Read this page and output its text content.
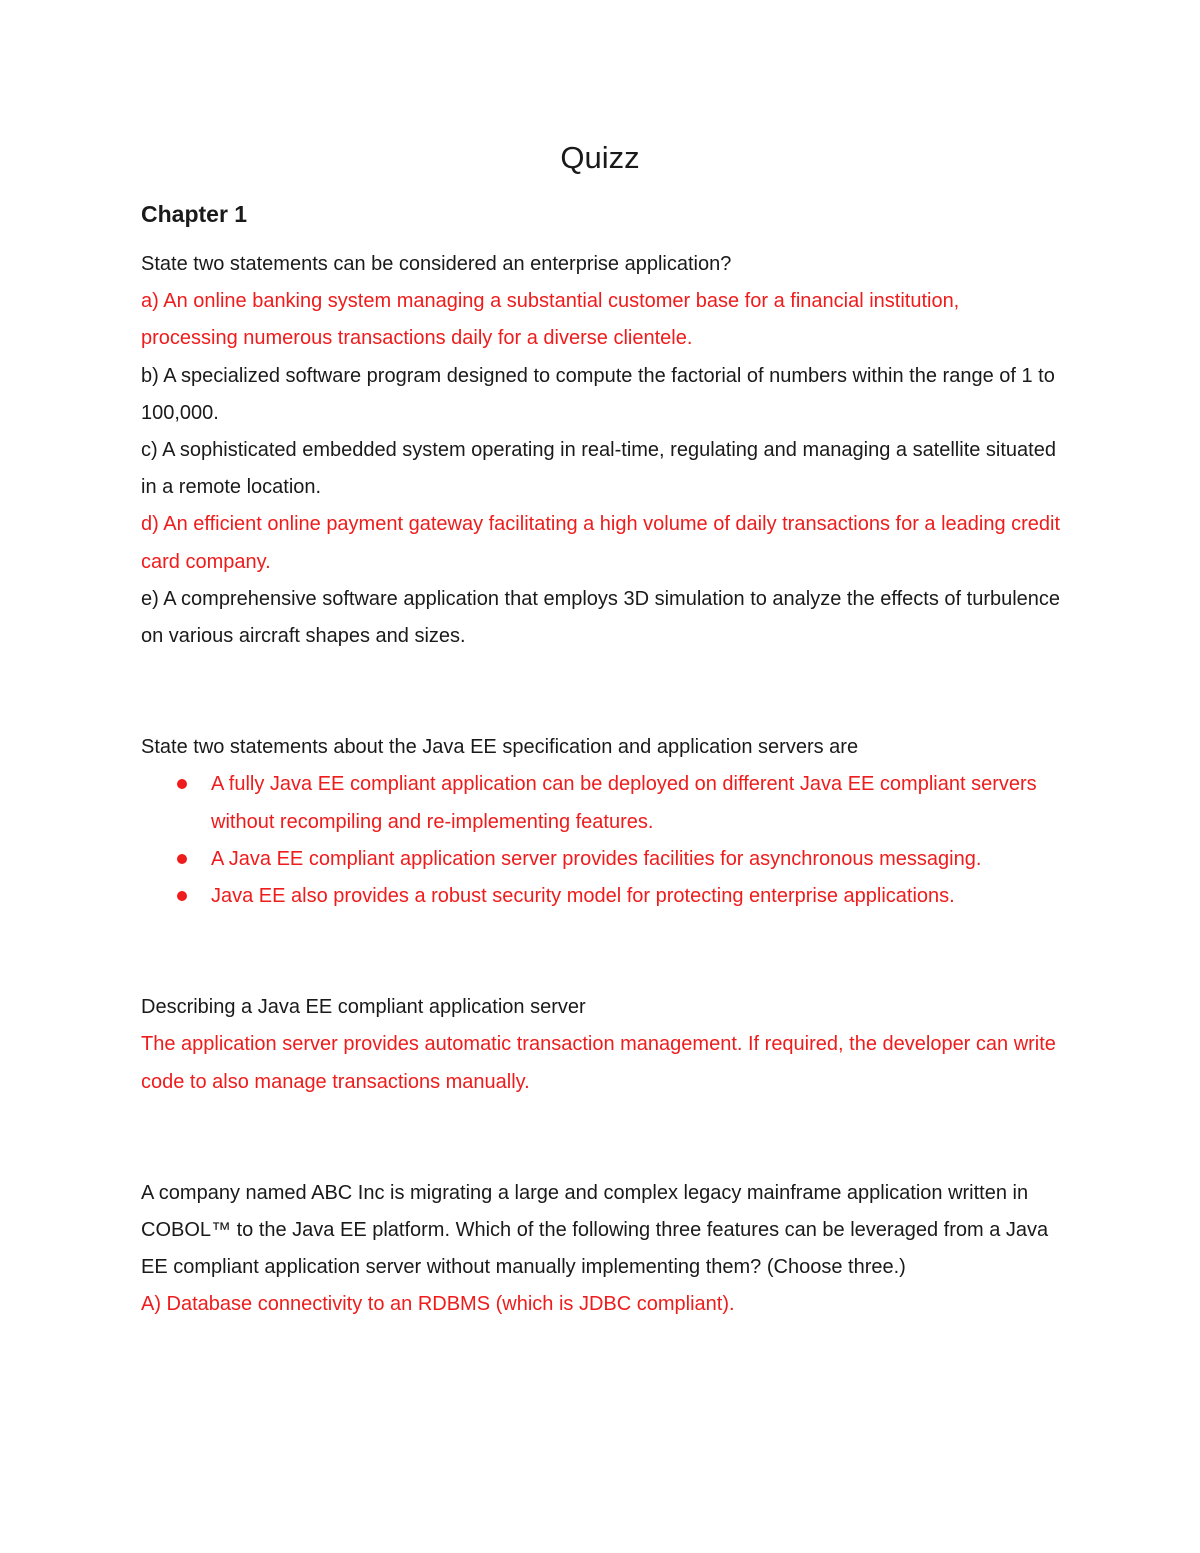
Quizz
Chapter 1

State two statements can be considered an enterprise application?

a) An online banking system managing a substantial customer base for a financial institution, processing numerous transactions daily for a diverse clientele.

b) A specialized software program designed to compute the factorial of numbers within the range of 1 to 100,000.

c) A sophisticated embedded system operating in real-time, regulating and managing a satellite situated in a remote location.

d) An efficient online payment gateway facilitating a high volume of daily transactions for a leading credit card company.

e) A comprehensive software application that employs 3D simulation to analyze the effects of turbulence on various aircraft shapes and sizes.

State two statements about the Java EE specification and application servers are

A fully Java EE compliant application can be deployed on different Java EE compliant servers without recompiling and re-implementing features.
A Java EE compliant application server provides facilities for asynchronous messaging.
Java EE also provides a robust security model for protecting enterprise applications.

Describing a Java EE compliant application server

The application server provides automatic transaction management. If required, the developer can write code to also manage transactions manually.

A company named ABC Inc is migrating a large and complex legacy mainframe application written in COBOL™ to the Java EE platform. Which of the following three features can be leveraged from a Java EE compliant application server without manually implementing them? (Choose three.)

A) Database connectivity to an RDBMS (which is JDBC compliant).
